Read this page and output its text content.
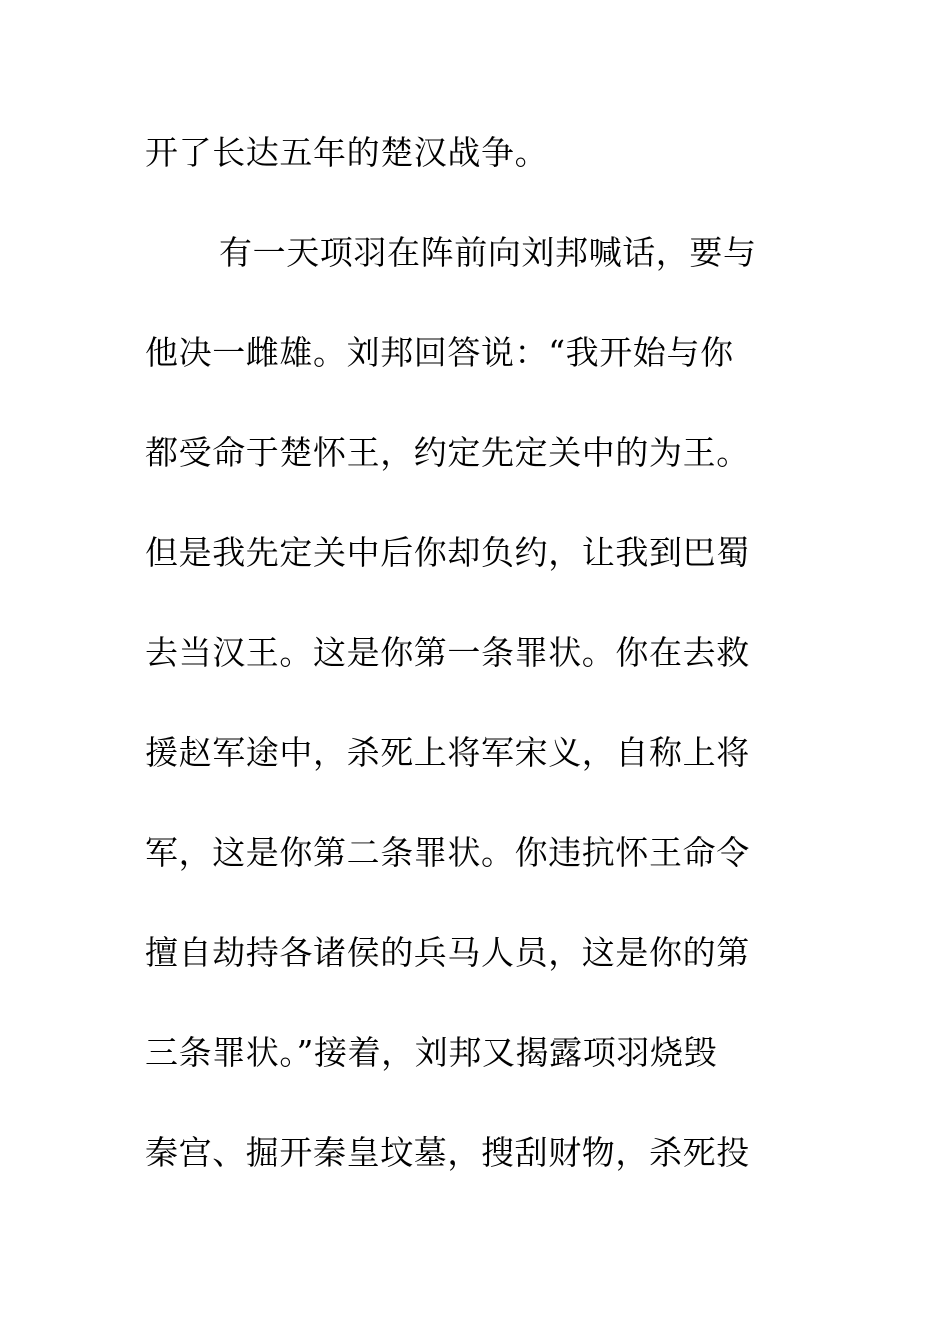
开了长达五年的楚汉战争。
有一天项羽在阵前向刘邦喊话，要与
他决一雌雄。刘邦回答说：“我开始与你
都受命于楚怀王，约定先定关中的为王。
但是我先定关中后你却负约，让我到巴蜀
去当汉王。这是你第一条罪状。你在去救
援赵军途中，杀死上将军宋义，自称上将
军，这是你第二条罪状。你违抗怀王命令
擅自劫持各诸侯的兵马人员，这是你的第
三条罪状。”接着，刘邦又揭露项羽烧毁
秦宫、掘开秦皇坟墓，搜刮财物，杀死投
